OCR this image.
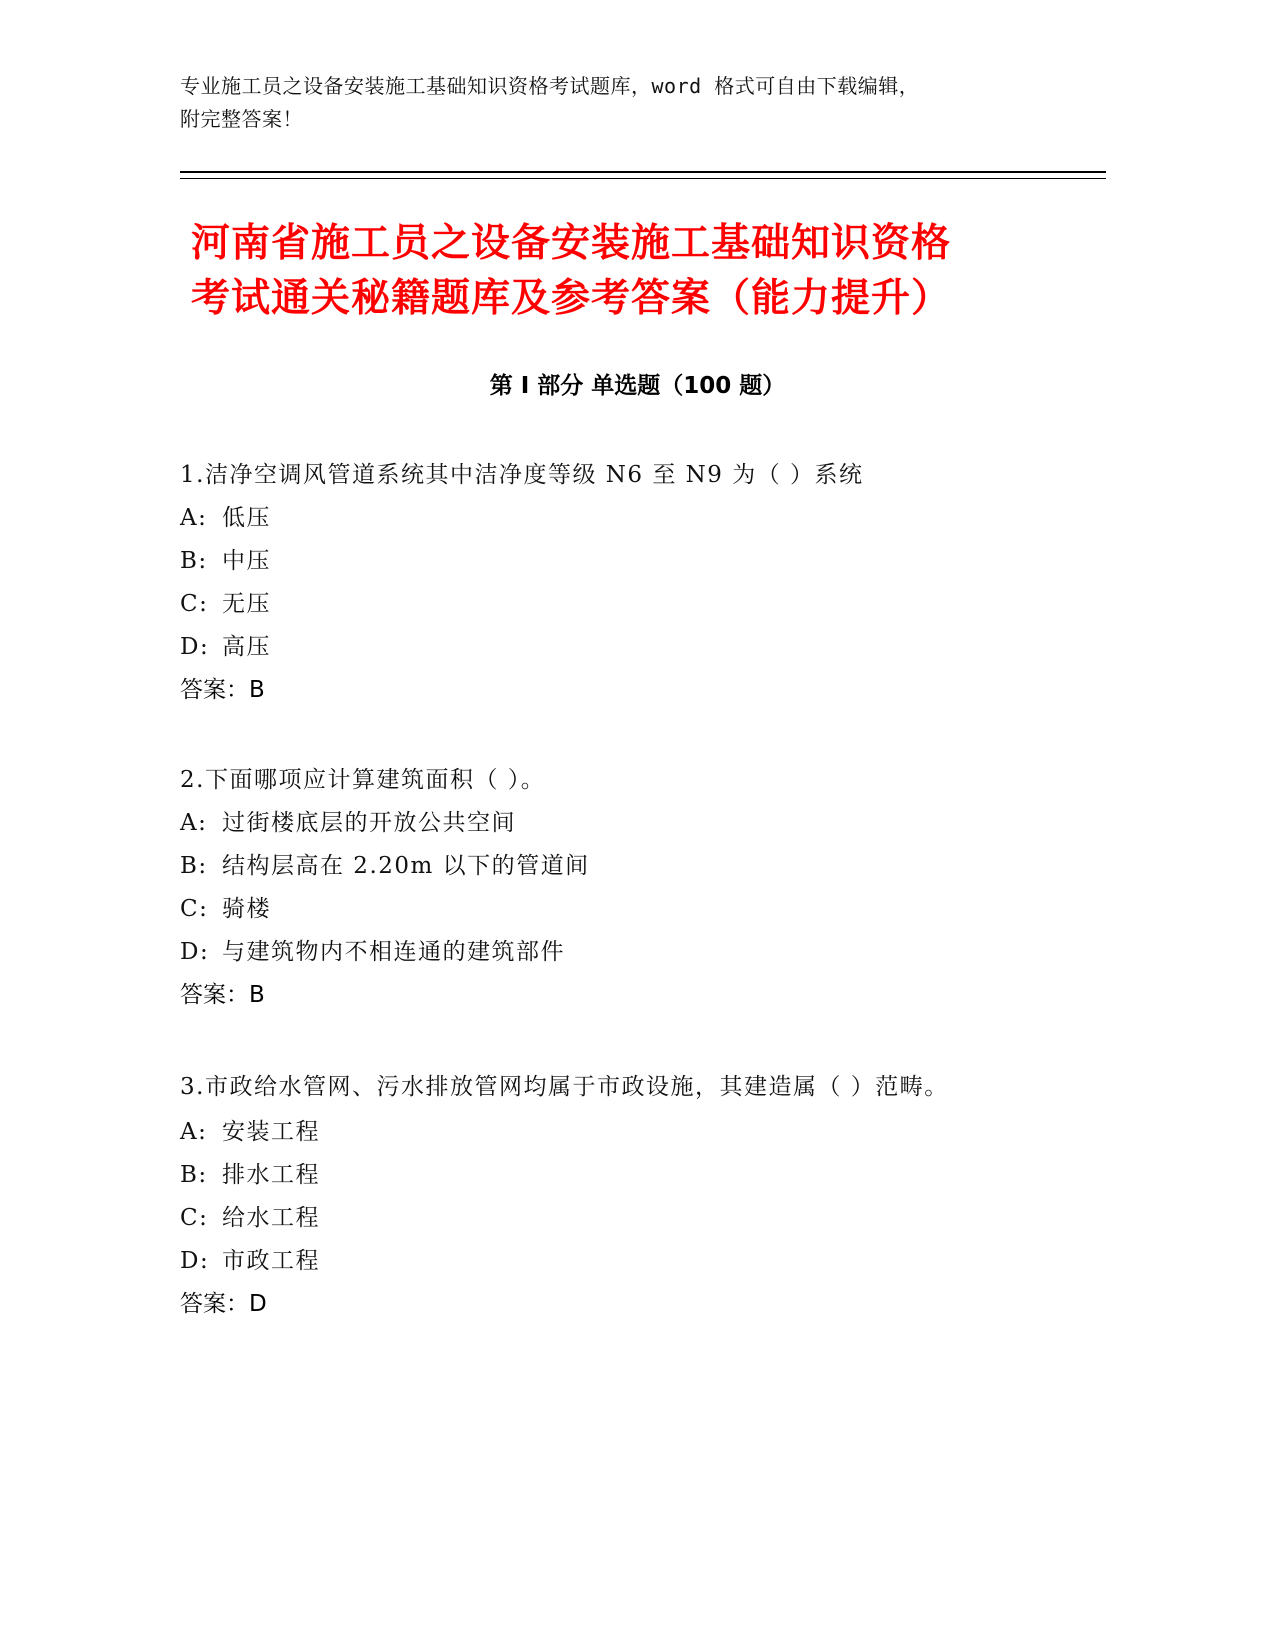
专业施工员之设备安装施工基础知识资格考试题库，word 格式可自由下载编辑，
附完整答案！
河南省施工员之设备安装施工基础知识资格
考试通关秘籍题库及参考答案（能力提升）
第 I 部分 单选题（100 题）
1.洁净空调风管道系统其中洁净度等级 N6 至 N9 为（ ）系统
A: 低压
B: 中压
C: 无压
D: 高压
答案：B
2.下面哪项应计算建筑面积（ ）。
A: 过街楼底层的开放公共空间
B: 结构层高在 2.20m 以下的管道间
C: 骑楼
D: 与建筑物内不相连通的建筑部件
答案：B
3.市政给水管网、污水排放管网均属于市政设施，其建造属（ ）范畴。
A: 安装工程
B: 排水工程
C: 给水工程
D: 市政工程
答案：D
